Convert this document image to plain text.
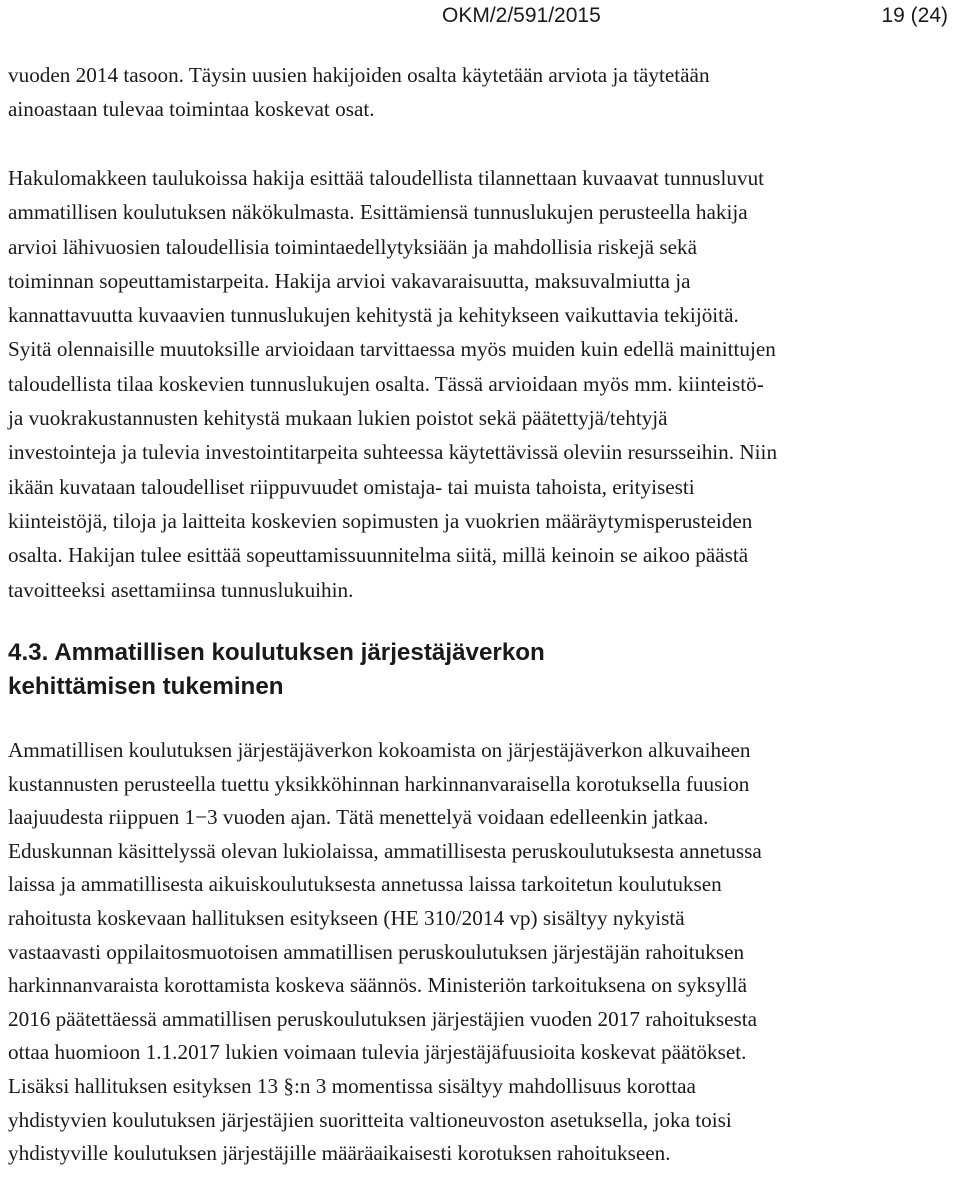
OKM/2/591/2015	19 (24)

vuoden 2014 tasoon. Täysin uusien hakijoiden osalta käytetään arviota ja täytetään
ainoastaan tulevaa toimintaa koskevat osat.

Hakulomakkeen taulukoissa hakija esittää taloudellista tilannettaan kuvaavat tunnusluvut
ammatillisen koulutuksen näkökulmasta. Esittämiensä tunnuslukujen perusteella hakija
arvioi lähivuosien taloudellisia toimintaedellytyksiään ja mahdollisia riskejä sekä
toiminnan sopeuttamistarpeita. Hakija arvioi vakavaraisuutta, maksuvalmiutta ja
kannattavuutta kuvaavien tunnuslukujen kehitystä ja kehitykseen vaikuttavia tekijöitä.
Syitä olennaisille muutoksille arvioidaan tarvittaessa myös muiden kuin edellä mainittujen
taloudellista tilaa koskevien tunnuslukujen osalta. Tässä arvioidaan myös mm. kiinteistö-
ja vuokrakustannusten kehitystä mukaan lukien poistot sekä päätettyjä/tehtyjä
investointeja ja tulevia investointitarpeita suhteessa käytettävissä oleviin resursseihin. Niin
ikään kuvataan taloudelliset riippuvuudet omistaja- tai muista tahoista, erityisesti
kiinteistöjä, tiloja ja laitteita koskevien sopimusten ja vuokrien määräytymisperusteiden
osalta. Hakijan tulee esittää sopeuttamissuunnitelma siitä, millä keinoin se aikoo päästä
tavoitteeksi asettamiinsa tunnuslukuihin.

4.3. Ammatillisen koulutuksen järjestäjäverkon
kehittämisen tukeminen

Ammatillisen koulutuksen järjestäjäverkon kokoamista on järjestäjäverkon alkuvaiheen
kustannusten perusteella tuettu yksikköhinnan harkinnanvaraisella korotuksella fuusion
laajuudesta riippuen 1−3 vuoden ajan. Tätä menettelyä voidaan edelleenkin jatkaa.
Eduskunnan käsittelyssä olevan lukiolaissa, ammatillisesta peruskoulutuksesta annetussa
laissa ja ammatillisesta aikuiskoulutuksesta annetussa laissa tarkoitetun koulutuksen
rahoitusta koskevaan hallituksen esitykseen (HE 310/2014 vp) sisältyy nykyistä
vastaavasti oppilaitosmuotoisen ammatillisen peruskoulutuksen järjestäjän rahoituksen
harkinnanvaraista korottamista koskeva säännös. Ministeriön tarkoituksena on syksyllä
2016 päätettäessä ammatillisen peruskoulutuksen järjestäjien vuoden 2017 rahoituksesta
ottaa huomioon 1.1.2017 lukien voimaan tulevia järjestäjäfuusioita koskevat päätökset.
Lisäksi hallituksen esityksen 13 §:n 3 momentissa sisältyy mahdollisuus korottaa
yhdistyvien koulutuksen järjestäjien suoritteita valtioneuvoston asetuksella, joka toisi
yhdistyville koulutuksen järjestäjille määräaikaisesti korotuksen rahoitukseen.
